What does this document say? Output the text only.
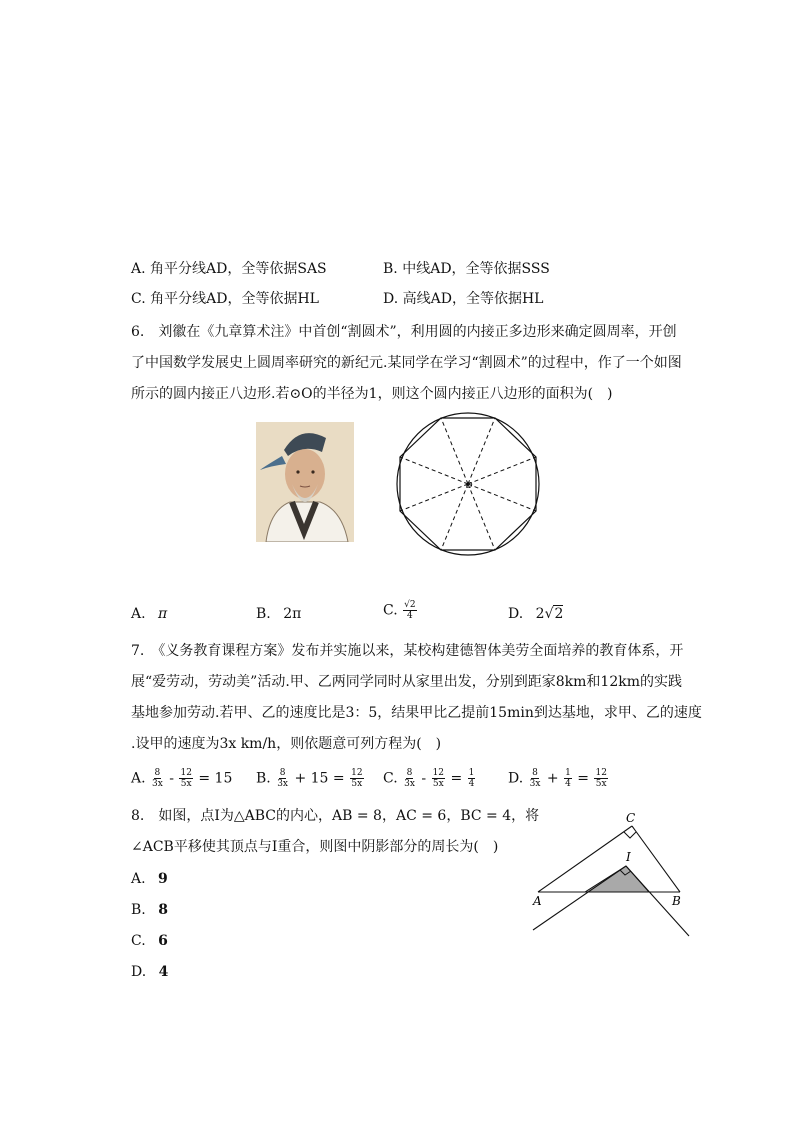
A. 角平分线AD，全等依据SAS	B. 中线AD，全等依据SSS
C. 角平分线AD，全等依据HL	D. 高线AD，全等依据HL
6.　刘徽在《九章算术注》中首创“割圆术”，利用圆的内接正多边形来确定圆周率，开创
了中国数学发展史上圆周率研究的新纪元.某同学在学习“割圆术”的过程中，作了一个如图
所示的圆内接正八边形.若⊙O的半径为1，则这个圆内接正八边形的面积为(　)
O
A. π	B. 2π	C. $\frac{√2}{4}$	D. 2√2
7.　《义务教育课程方案》发布并实施以来，某校构建德智体美劳全面培养的教育体系，开
展“爱劳动，劳动美”活动.甲、乙两同学同时从家里出发，分别到距家8km和12km的实践
基地参加劳动.若甲、乙的速度比是3：5，结果甲比乙提前15min到达基地，求甲、乙的速度
.设甲的速度为3x km/h，则依题意可列方程为(　)
A. $\frac{8}{3x} - \frac{12}{5x} = 15$ B. $\frac{8}{3x} + 15 = \frac{12}{5x} C$. $\frac{8}{3x} - \frac{12}{5x} = \frac{1}{4} D$. $\frac{8}{3x} + \frac{1}{4} = \frac{12}{5x}$
8.　如图，点I为△ABC的内心，AB = 8，AC = 6，BC = 4，将
∠ACB平移使其顶点与I重合，则图中阴影部分的周长为(　)
A. 9
B. 8
C. 6
D. 4
C
I
A	B
